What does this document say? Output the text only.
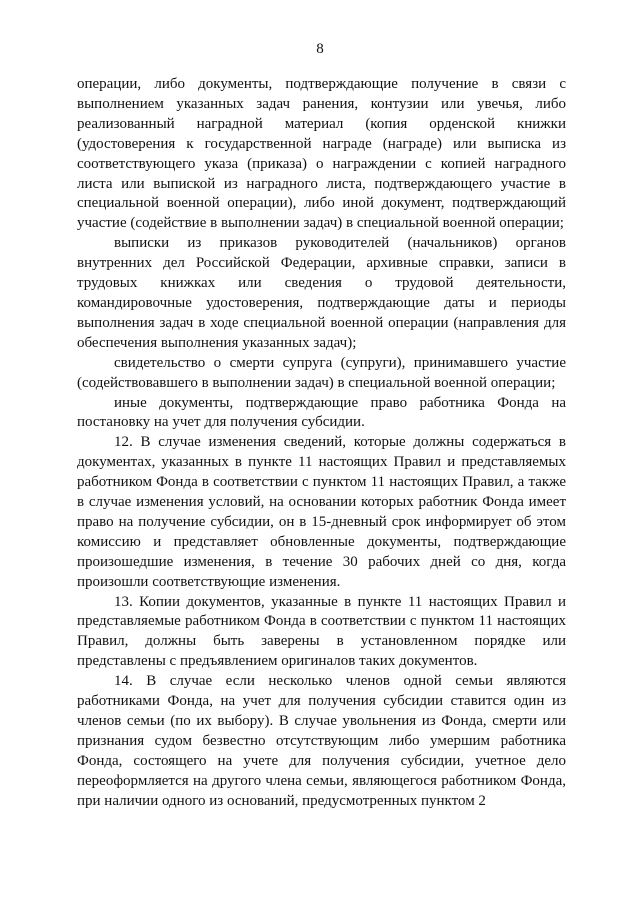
8

операции, либо документы, подтверждающие получение в связи с выполнением указанных задач ранения, контузии или увечья, либо реализованный наградной материал (копия орденской книжки (удостоверения к государственной награде (награде) или выписка из соответствующего указа (приказа) о награждении с копией наградного листа или выпиской из наградного листа, подтверждающего участие в специальной военной операции), либо иной документ, подтверждающий участие (содействие в выполнении задач) в специальной военной операции;

выписки из приказов руководителей (начальников) органов внутренних дел Российской Федерации, архивные справки, записи в трудовых книжках или сведения о трудовой деятельности, командировочные удостоверения, подтверждающие даты и периоды выполнения задач в ходе специальной военной операции (направления для обеспечения выполнения указанных задач);

свидетельство о смерти супруга (супруги), принимавшего участие (содействовавшего в выполнении задач) в специальной военной операции;

иные документы, подтверждающие право работника Фонда на постановку на учет для получения субсидии.

12. В случае изменения сведений, которые должны содержаться в документах, указанных в пункте 11 настоящих Правил и представляемых работником Фонда в соответствии с пунктом 11 настоящих Правил, а также в случае изменения условий, на основании которых работник Фонда имеет право на получение субсидии, он в 15-дневный срок информирует об этом комиссию и представляет обновленные документы, подтверждающие произошедшие изменения, в течение 30 рабочих дней со дня, когда произошли соответствующие изменения.

13. Копии документов, указанные в пункте 11 настоящих Правил и представляемые работником Фонда в соответствии с пунктом 11 настоящих Правил, должны быть заверены в установленном порядке или представлены с предъявлением оригиналов таких документов.

14. В случае если несколько членов одной семьи являются работниками Фонда, на учет для получения субсидии ставится один из членов семьи (по их выбору). В случае увольнения из Фонда, смерти или признания судом безвестно отсутствующим либо умершим работника Фонда, состоящего на учете для получения субсидии, учетное дело переоформляется на другого члена семьи, являющегося работником Фонда, при наличии одного из оснований, предусмотренных пунктом 2
